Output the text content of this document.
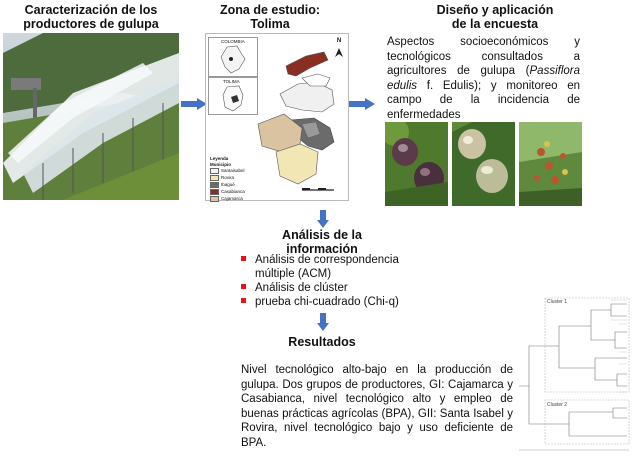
Caracterización de los
productores de gulupa
Zona de estudio:
Tolima
COLOMBIA
TOLIMA
N
Leyenda
Municipio
Santaisabel
Rovira
Ibagué
Casabianca
Cajamarca
Diseño y aplicación
de la encuesta
Aspectos socioeconómicos y tecnológicos consultados a agricultores de gulupa (Passiflora edulis f. Edulis); y monitoreo en campo de la incidencia de enfermedades
Análisis de la
información
Análisis de correspondencia múltiple (ACM)
Análisis de clúster
prueba chi-cuadrado (Chi-q)
Resultados
Nivel tecnológico alto-bajo en la producción de gulupa. Dos grupos de productores, GI: Cajamarca y Casabianca, nivel tecnológico alto y empleo de buenas prácticas agrícolas (BPA), GII: Santa Isabel y Rovira, nivel tecnológico bajo y uso deficiente de BPA.
Cluster 1
Cluster 2
